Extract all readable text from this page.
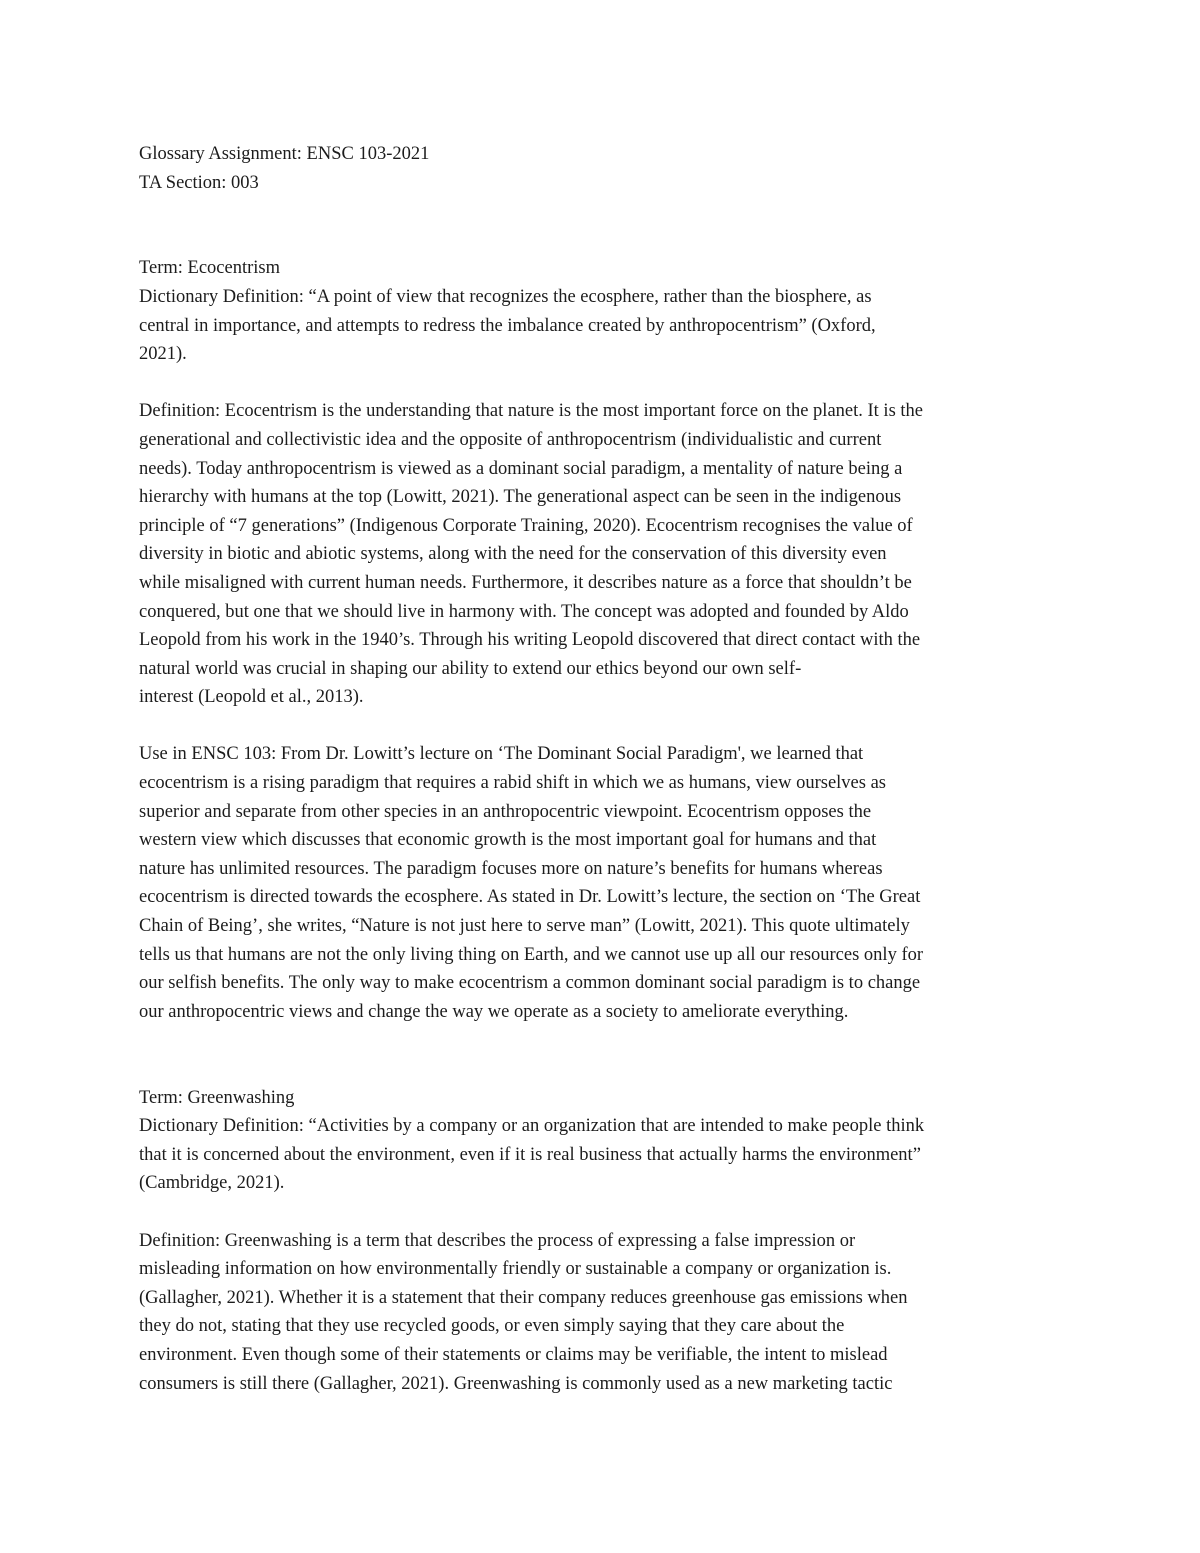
Glossary Assignment: ENSC 103-2021
TA Section: 003
Term: Ecocentrism
Dictionary Definition: “A point of view that recognizes the ecosphere, rather than the biosphere, as
central in importance, and attempts to redress the imbalance created by anthropocentrism” (Oxford,
2021).
Definition: Ecocentrism is the understanding that nature is the most important force on the planet. It is the
generational and collectivistic idea and the opposite of anthropocentrism (individualistic and current
needs). Today anthropocentrism is viewed as a dominant social paradigm, a mentality of nature being a
hierarchy with humans at the top (Lowitt, 2021). The generational aspect can be seen in the indigenous
principle of “7 generations” (Indigenous Corporate Training, 2020). Ecocentrism recognises the value of
diversity in biotic and abiotic systems, along with the need for the conservation of this diversity even
while misaligned with current human needs. Furthermore, it describes nature as a force that shouldn’t be
conquered, but one that we should live in harmony with. The concept was adopted and founded by Aldo
Leopold from his work in the 1940’s. Through his writing Leopold discovered that direct contact with the
natural world was crucial in shaping our ability to extend our ethics beyond our own self-
interest (Leopold et al., 2013).
Use in ENSC 103: From Dr. Lowitt’s lecture on ‘The Dominant Social Paradigm', we learned that
ecocentrism is a rising paradigm that requires a rabid shift in which we as humans, view ourselves as
superior and separate from other species in an anthropocentric viewpoint. Ecocentrism opposes the
western view which discusses that economic growth is the most important goal for humans and that
nature has unlimited resources. The paradigm focuses more on nature’s benefits for humans whereas
ecocentrism is directed towards the ecosphere. As stated in Dr. Lowitt’s lecture, the section on ‘The Great
Chain of Being’, she writes, “Nature is not just here to serve man” (Lowitt, 2021). This quote ultimately
tells us that humans are not the only living thing on Earth, and we cannot use up all our resources only for
our selfish benefits. The only way to make ecocentrism a common dominant social paradigm is to change
our anthropocentric views and change the way we operate as a society to ameliorate everything.
Term: Greenwashing
Dictionary Definition: “Activities by a company or an organization that are intended to make people think
that it is concerned about the environment, even if it is real business that actually harms the environment”
(Cambridge, 2021).
Definition: Greenwashing is a term that describes the process of expressing a false impression or
misleading information on how environmentally friendly or sustainable a company or organization is.
(Gallagher, 2021). Whether it is a statement that their company reduces greenhouse gas emissions when
they do not, stating that they use recycled goods, or even simply saying that they care about the
environment. Even though some of their statements or claims may be verifiable, the intent to mislead
consumers is still there (Gallagher, 2021). Greenwashing is commonly used as a new marketing tactic
